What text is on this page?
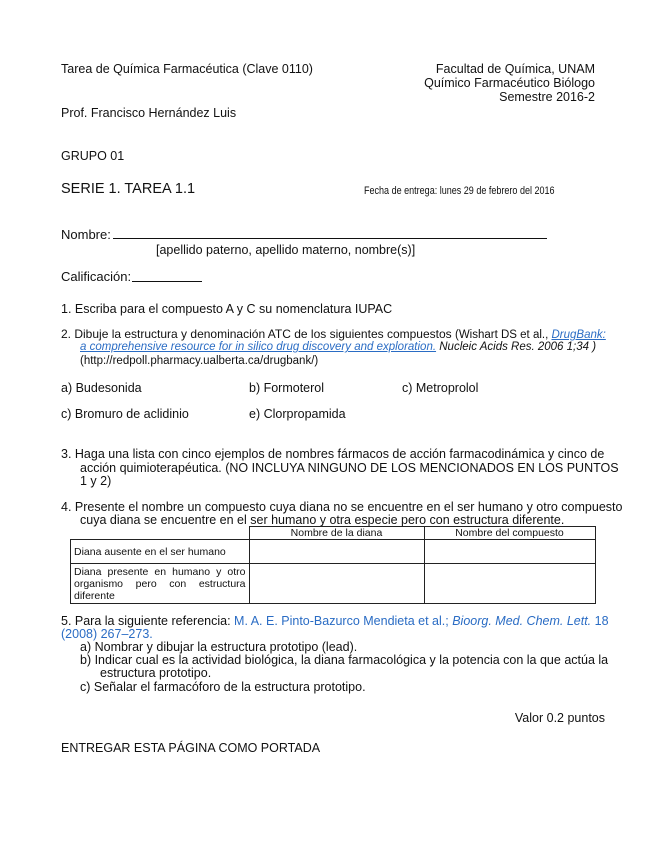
Tarea de Química Farmacéutica (Clave 0110)	Facultad de Química, UNAM
Químico Farmacéutico Biólogo
Semestre 2016-2
Prof. Francisco Hernández Luis
GRUPO 01
SERIE 1. TAREA 1.1	Fecha de entrega: lunes 29 de febrero del 2016
Nombre:
[apellido paterno, apellido materno, nombre(s)]
Calificación:
1. Escriba para el compuesto A y C su nomenclatura IUPAC
2. Dibuje la estructura y denominación ATC de los siguientes compuestos (Wishart DS et al., DrugBank:
a comprehensive resource for in silico drug discovery and exploration. Nucleic Acids Res. 2006 1;34 )
(http://redpoll.pharmacy.ualberta.ca/drugbank/)
a) Budesonida	b) Formoterol	c) Metroprolol
c) Bromuro de aclidinio	e) Clorpropamida
3. Haga una lista con cinco ejemplos de nombres fármacos de acción farmacodinámica y cinco de
acción quimioterapéutica. (NO INCLUYA NINGUNO DE LOS MENCIONADOS EN LOS PUNTOS
1 y 2)
4. Presente el nombre un compuesto cuya diana no se encuentre en el ser humano y otro compuesto
cuya diana se encuentre en el ser humano y otra especie pero con estructura diferente.
	Nombre de la diana	Nombre del compuesto
Diana ausente en el ser humano		
Diana presente en humano y otro organismo pero con estructura diferente		
5. Para la siguiente referencia: M. A. E. Pinto-Bazurco Mendieta et al.; Bioorg. Med. Chem. Lett. 18
(2008) 267–273.
a) Nombrar y dibujar la estructura prototipo (lead).
b) Indicar cual es la actividad biológica, la diana farmacológica y la potencia con la que actúa la
estructura prototipo.
c) Señalar el farmacóforo de la estructura prototipo.
Valor 0.2 puntos
ENTREGAR ESTA PÁGINA COMO PORTADA
